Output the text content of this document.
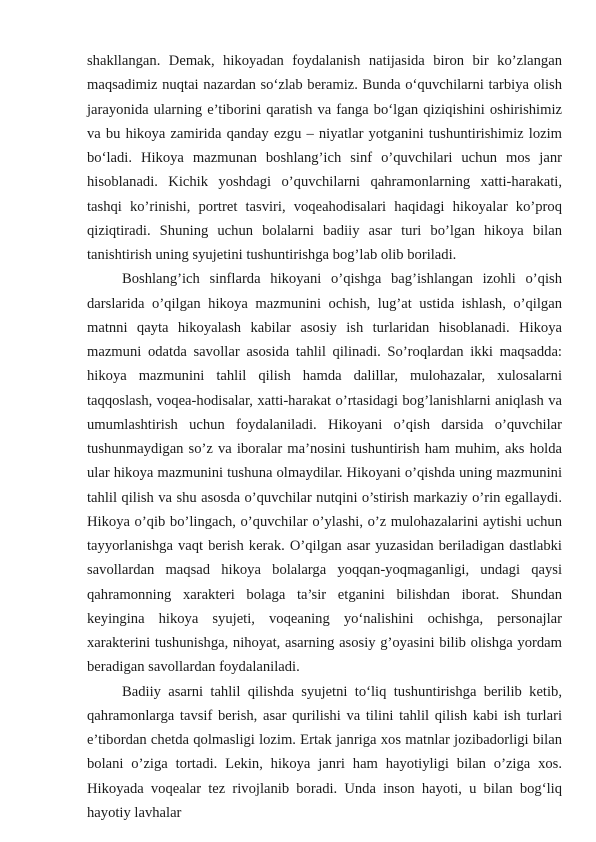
shakllangan. Demak, hikoyadan foydalanish natijasida biron bir ko’zlangan maqsadimiz nuqtai nazardan so‘zlab beramiz. Bunda o‘quvchilarni tarbiya olish jarayonida ularning e’tiborini qaratish va fanga bo‘lgan qiziqishini oshirishimiz va bu hikoya zamirida qanday ezgu – niyatlar yotganini tushuntirishimiz lozim bo‘ladi. Hikoya mazmunan boshlang’ich sinf o’quvchilari uchun mos janr hisoblanadi. Kichik yoshdagi o’quvchilarni qahramonlarning xatti-harakati, tashqi ko’rinishi, portret tasviri, voqeahodisalari haqidagi hikoyalar ko’proq qiziqtiradi. Shuning uchun bolalarni badiiy asar turi bo’lgan hikoya bilan tanishtirish uning syujetini tushuntirishga bog’lab olib boriladi.

Boshlang’ich sinflarda hikoyani o’qishga bag’ishlangan izohli o’qish darslarida o’qilgan hikoya mazmunini ochish, lug’at ustida ishlash, o’qilgan matnni qayta hikoyalash kabilar asosiy ish turlaridan hisoblanadi. Hikoya mazmuni odatda savollar asosida tahlil qilinadi. So’roqlardan ikki maqsadda: hikoya mazmunini tahlil qilish hamda dalillar, mulohazalar, xulosalarni taqqoslash, voqea-hodisalar, xatti-harakat o’rtasidagi bog’lanishlarni aniqlash va umumlashtirish uchun foydalaniladi. Hikoyani o’qish darsida o’quvchilar tushunmaydigan so’z va iboralar ma’nosini tushuntirish ham muhim, aks holda ular hikoya mazmunini tushuna olmaydilar. Hikoyani o’qishda uning mazmunini tahlil qilish va shu asosda o’quvchilar nutqini o’stirish markaziy o’rin egallaydi. Hikoya o’qib bo’lingach, o’quvchilar o’ylashi, o’z mulohazalarini aytishi uchun tayyorlanishga vaqt berish kerak. O’qilgan asar yuzasidan beriladigan dastlabki savollardan maqsad hikoya bolalarga yoqqan-yoqmaganligi, undagi qaysi qahramonning xarakteri bolaga ta’sir etganini bilishdan iborat. Shundan keyingina hikoya syujeti, voqeaning yo‘nalishini ochishga, personajlar xarakterini tushunishga, nihoyat, asarning asosiy g’oyasini bilib olishga yordam beradigan savollardan foydalaniladi.

Badiiy asarni tahlil qilishda syujetni to‘liq tushuntirishga berilib ketib, qahramonlarga tavsif berish, asar qurilishi va tilini tahlil qilish kabi ish turlari e’tibordan chetda qolmasligi lozim. Ertak janriga xos matnlar jozibadorligi bilan bolani o’ziga tortadi. Lekin, hikoya janri ham hayotiyligi bilan o’ziga xos. Hikoyada voqealar tez rivojlanib boradi. Unda inson hayoti, u bilan bog‘liq hayotiy lavhalar
